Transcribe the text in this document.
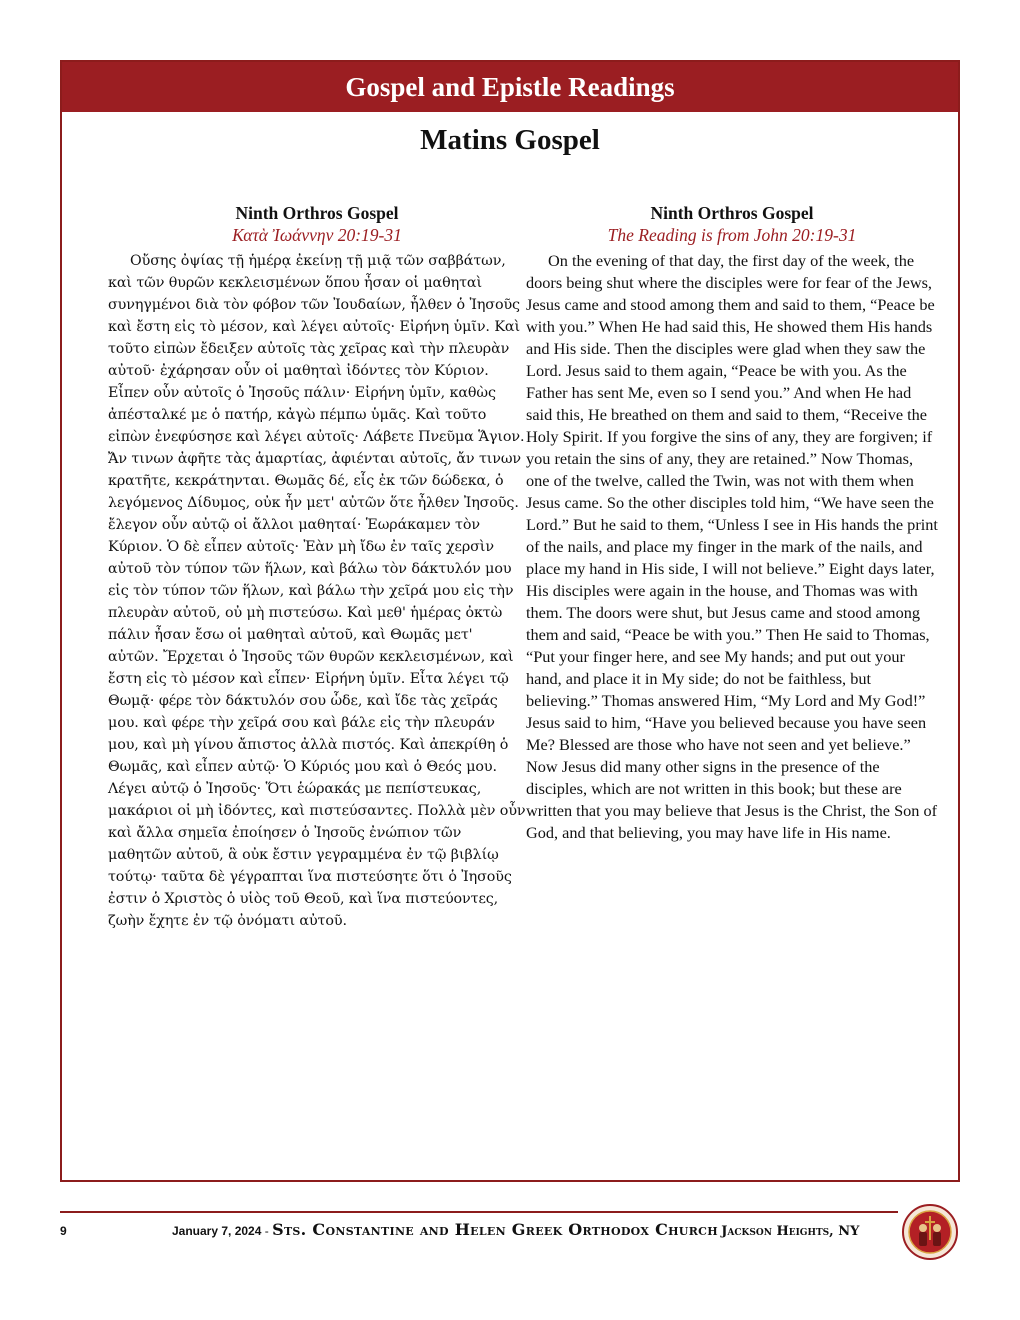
Gospel and Epistle Readings
Matins Gospel
Ninth Orthros Gospel
Κατὰ Ἰωάννην 20:19-31

Οὔσης ὀψίας τῇ ἡμέρᾳ ἐκείνῃ τῇ μιᾷ τῶν σαββάτων, καὶ τῶν θυρῶν κεκλεισμένων ὅπου ἦσαν οἱ μαθηταὶ συνηγμένοι διὰ τὸν φόβον τῶν Ἰουδαίων, ἦλθεν ὁ Ἰησοῦς καὶ ἔστη εἰς τὸ μέσον, καὶ λέγει αὐτοῖς· Εἰρήνη ὑμῖν. Καὶ τοῦτο εἰπὼν ἔδειξεν αὐτοῖς τὰς χεῖρας καὶ τὴν πλευρὰν αὐτοῦ· ἐχάρησαν οὖν οἱ μαθηταὶ ἰδόντες τὸν Κύριον. Εἶπεν οὖν αὐτοῖς ὁ Ἰησοῦς πάλιν· Εἰρήνη ὑμῖν, καθὼς ἀπέσταλκέ με ὁ πατήρ, κἀγὼ πέμπω ὑμᾶς. Καὶ τοῦτο εἰπὼν ἐνεφύσησε καὶ λέγει αὐτοῖς· Λάβετε Πνεῦμα Ἅγιον. Ἄν τινων ἀφῆτε τὰς ἁμαρτίας, ἀφιένται αὐτοῖς, ἄν τινων κρατῆτε, κεκράτηνται. Θωμᾶς δέ, εἷς ἐκ τῶν δώδεκα, ὁ λεγόμενος Δίδυμος, οὐκ ἦν μετ' αὐτῶν ὅτε ἦλθεν Ἰησοῦς. ἔλεγον οὖν αὐτῷ οἱ ἄλλοι μαθηταί· Ἑωράκαμεν τὸν Κύριον. Ὁ δὲ εἶπεν αὐτοῖς· Ἐὰν μὴ ἴδω ἐν ταῖς χερσὶν αὐτοῦ τὸν τύπον τῶν ἥλων, καὶ βάλω τὸν δάκτυλόν μου εἰς τὸν τύπον τῶν ἥλων, καὶ βάλω τὴν χεῖρά μου εἰς τὴν πλευρὰν αὐτοῦ, οὐ μὴ πιστεύσω. Καὶ μεθ' ἡμέρας ὀκτὼ πάλιν ἦσαν ἔσω οἱ μαθηταὶ αὐτοῦ, καὶ Θωμᾶς μετ' αὐτῶν. Ἔρχεται ὁ Ἰησοῦς τῶν θυρῶν κεκλεισμένων, καὶ ἔστη εἰς τὸ μέσον καὶ εἶπεν· Εἰρήνη ὑμῖν. Εἶτα λέγει τῷ Θωμᾷ· φέρε τὸν δάκτυλόν σου ὧδε, καὶ ἴδε τὰς χεῖράς μου. καὶ φέρε τὴν χεῖρά σου καὶ βάλε εἰς τὴν πλευράν μου, καὶ μὴ γίνου ἄπιστος ἀλλὰ πιστός. Καὶ ἀπεκρίθη ὁ Θωμᾶς, καὶ εἶπεν αὐτῷ· Ὁ Κύριός μου καὶ ὁ Θεός μου. Λέγει αὐτῷ ὁ Ἰησοῦς· Ὅτι ἑώρακάς με πεπίστευκας, μακάριοι οἱ μὴ ἰδόντες, καὶ πιστεύσαντες. Πολλὰ μὲν οὖν καὶ ἄλλα σημεῖα ἐποίησεν ὁ Ἰησοῦς ἐνώπιον τῶν μαθητῶν αὐτοῦ, ἃ οὐκ ἔστιν γεγραμμένα ἐν τῷ βιβλίῳ τούτῳ· ταῦτα δὲ γέγραπται ἵνα πιστεύσητε ὅτι ὁ Ἰησοῦς ἐστιν ὁ Χριστὸς ὁ υἱὸς τοῦ Θεοῦ, καὶ ἵνα πιστεύοντες, ζωὴν ἔχητε ἐν τῷ ὀνόματι αὐτοῦ.

Ninth Orthros Gospel
The Reading is from John 20:19-31

On the evening of that day, the first day of the week, the doors being shut where the disciples were for fear of the Jews, Jesus came and stood among them and said to them, “Peace be with you.” When He had said this, He showed them His hands and His side. Then the disciples were glad when they saw the Lord. Jesus said to them again, “Peace be with you. As the Father has sent Me, even so I send you.” And when He had said this, He breathed on them and said to them, “Receive the Holy Spirit. If you forgive the sins of any, they are forgiven; if you retain the sins of any, they are retained.” Now Thomas, one of the twelve, called the Twin, was not with them when Jesus came. So the other disciples told him, “We have seen the Lord.” But he said to them, “Unless I see in His hands the print of the nails, and place my finger in the mark of the nails, and place my hand in His side, I will not believe.” Eight days later, His disciples were again in the house, and Thomas was with them. The doors were shut, but Jesus came and stood among them and said, “Peace be with you.” Then He said to Thomas, “Put your finger here, and see My hands; and put out your hand, and place it in My side; do not be faithless, but believing.” Thomas answered Him, “My Lord and My God!” Jesus said to him, “Have you believed because you have seen Me? Blessed are those who have not seen and yet believe.” Now Jesus did many other signs in the presence of the disciples, which are not written in this book; but these are written that you may believe that Jesus is the Christ, the Son of God, and that believing, you may have life in His name.

9	January 7, 2024 - Sts. Constantine and Helen Greek Orthodox Church Jackson Heights, NY
